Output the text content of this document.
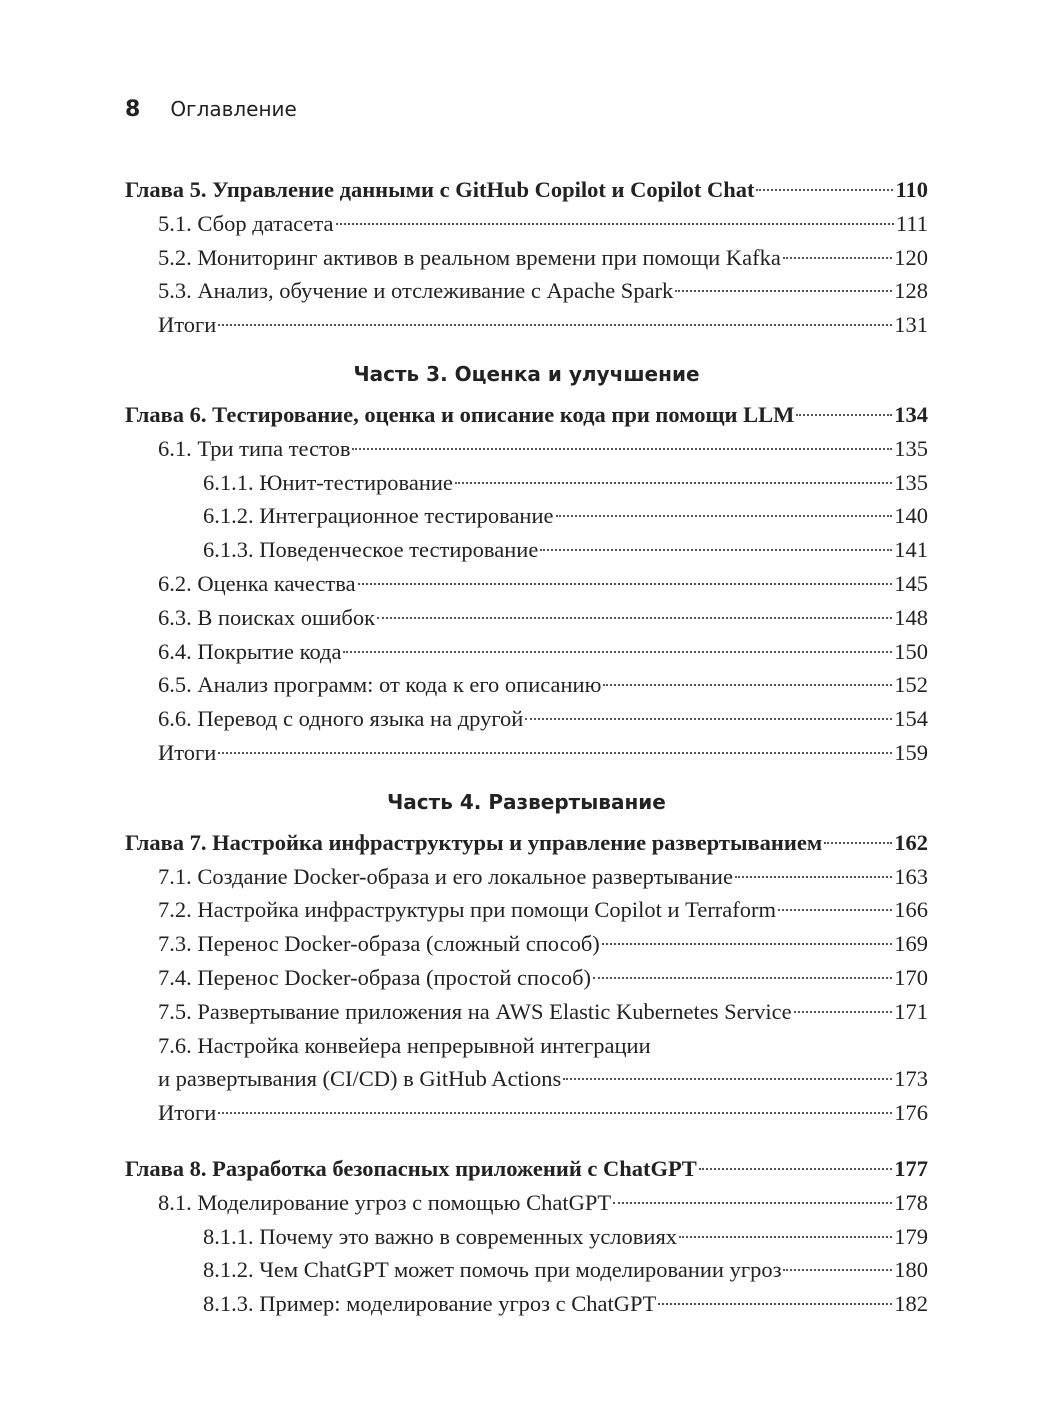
8 Оглавление
Глава 5. Управление данными с GitHub Copilot и Copilot Chat	110
5.1. Сбор датасета	111
5.2. Мониторинг активов в реальном времени при помощи Kafka	120
5.3. Анализ, обучение и отслеживание с Apache Spark	128
Итоги	131
Часть 3. Оценка и улучшение
Глава 6. Тестирование, оценка и описание кода при помощи LLM	134
6.1. Три типа тестов	135
6.1.1. Юнит-тестирование	135
6.1.2. Интеграционное тестирование	140
6.1.3. Поведенческое тестирование	141
6.2. Оценка качества	145
6.3. В поисках ошибок	148
6.4. Покрытие кода	150
6.5. Анализ программ: от кода к его описанию	152
6.6. Перевод с одного языка на другой	154
Итоги	159
Часть 4. Развертывание
Глава 7. Настройка инфраструктуры и управление развертыванием	162
7.1. Создание Docker-образа и его локальное развертывание	163
7.2. Настройка инфраструктуры при помощи Copilot и Terraform	166
7.3. Перенос Docker-образа (сложный способ)	169
7.4. Перенос Docker-образа (простой способ)	170
7.5. Развертывание приложения на AWS Elastic Kubernetes Service	171
7.6. Настройка конвейера непрерывной интеграции
и развертывания (CI/CD) в GitHub Actions	173
Итоги	176
Глава 8. Разработка безопасных приложений с ChatGPT	177
8.1. Моделирование угроз с помощью ChatGPT	178
8.1.1. Почему это важно в современных условиях	179
8.1.2. Чем ChatGPT может помочь при моделировании угроз	180
8.1.3. Пример: моделирование угроз с ChatGPT	182
